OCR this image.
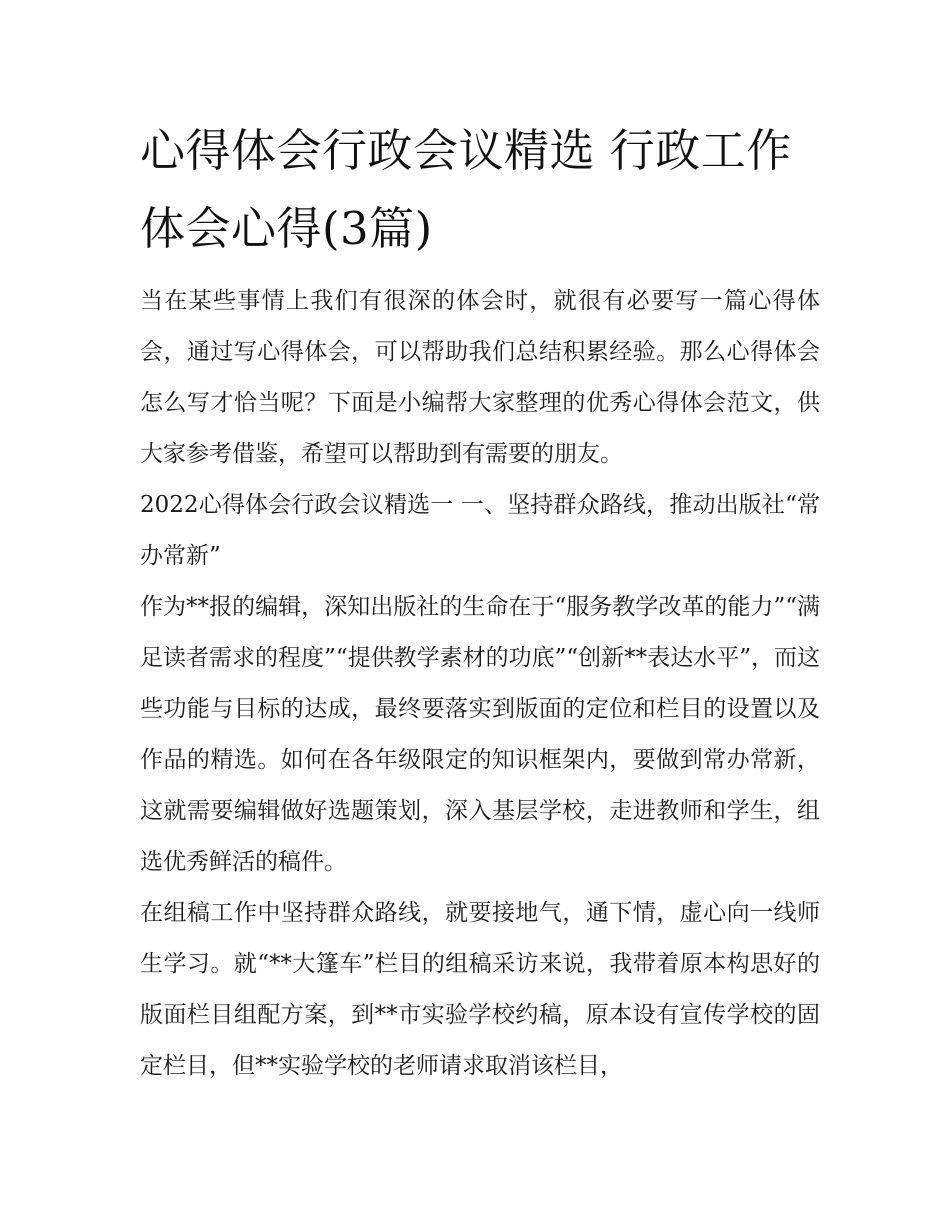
心得体会行政会议精选 行政工作体会心得(3篇)

当在某些事情上我们有很深的体会时，就很有必要写一篇心得体会，通过写心得体会，可以帮助我们总结积累经验。那么心得体会怎么写才恰当呢？下面是小编帮大家整理的优秀心得体会范文，供大家参考借鉴，希望可以帮助到有需要的朋友。

2022心得体会行政会议精选一 一、坚持群众路线，推动出版社“常办常新”

作为**报的编辑，深知出版社的生命在于“服务教学改革的能力”“满足读者需求的程度”“提供教学素材的功底”“创新**表达水平”，而这些功能与目标的达成，最终要落实到版面的定位和栏目的设置以及作品的精选。如何在各年级限定的知识框架内，要做到常办常新，这就需要编辑做好选题策划，深入基层学校，走进教师和学生，组选优秀鲜活的稿件。

在组稿工作中坚持群众路线，就要接地气，通下情，虚心向一线师生学习。就“**大篷车”栏目的组稿采访来说，我带着原本构思好的版面栏目组配方案，到**市实验学校约稿，原本设有宣传学校的固定栏目，但**实验学校的老师请求取消该栏目，
